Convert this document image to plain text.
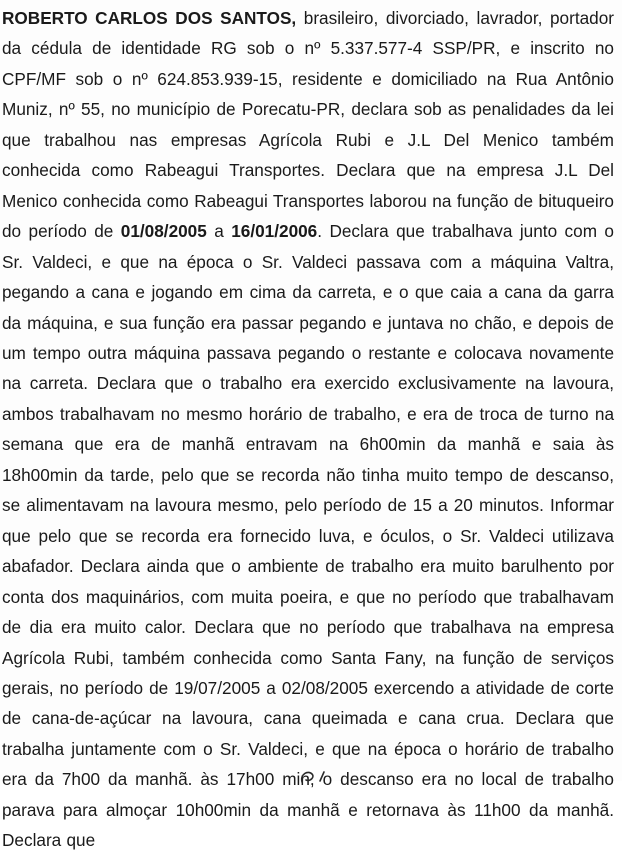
ROBERTO CARLOS DOS SANTOS, brasileiro, divorciado, lavrador, portador da cédula de identidade RG sob o nº 5.337.577-4 SSP/PR, e inscrito no CPF/MF sob o nº 624.853.939-15, residente e domiciliado na Rua Antônio Muniz, nº 55, no município de Porecatu-PR, declara sob as penalidades da lei que trabalhou nas empresas Agrícola Rubi e J.L Del Menico também conhecida como Rabeagui Transportes. Declara que na empresa J.L Del Menico conhecida como Rabeagui Transportes laborou na função de bituqueiro do período de 01/08/2005 a 16/01/2006. Declara que trabalhava junto com o Sr. Valdeci, e que na época o Sr. Valdeci passava com a máquina Valtra, pegando a cana e jogando em cima da carreta, e o que caia a cana da garra da máquina, e sua função era passar pegando e juntava no chão, e depois de um tempo outra máquina passava pegando o restante e colocava novamente na carreta. Declara que o trabalho era exercido exclusivamente na lavoura, ambos trabalhavam no mesmo horário de trabalho, e era de troca de turno na semana que era de manhã entravam na 6h00min da manhã e saia às 18h00min da tarde, pelo que se recorda não tinha muito tempo de descanso, se alimentavam na lavoura mesmo, pelo período de 15 a 20 minutos. Informar que pelo que se recorda era fornecido luva, e óculos, o Sr. Valdeci utilizava abafador. Declara ainda que o ambiente de trabalho era muito barulhento por conta dos maquinários, com muita poeira, e que no período que trabalhavam de dia era muito calor. Declara que no período que trabalhava na empresa Agrícola Rubi, também conhecida como Santa Fany, na função de serviços gerais, no período de 19/07/2005 a 02/08/2005 exercendo a atividade de corte de cana-de-açúcar na lavoura, cana queimada e cana crua. Declara que trabalha juntamente com o Sr. Valdeci, e que na época o horário de trabalho era da 7h00 da manhã. às 17h00 min, o descanso era no local de trabalho parava para almoçar 10h00min da manhã e retornava às 11h00 da manhã. Declara que
